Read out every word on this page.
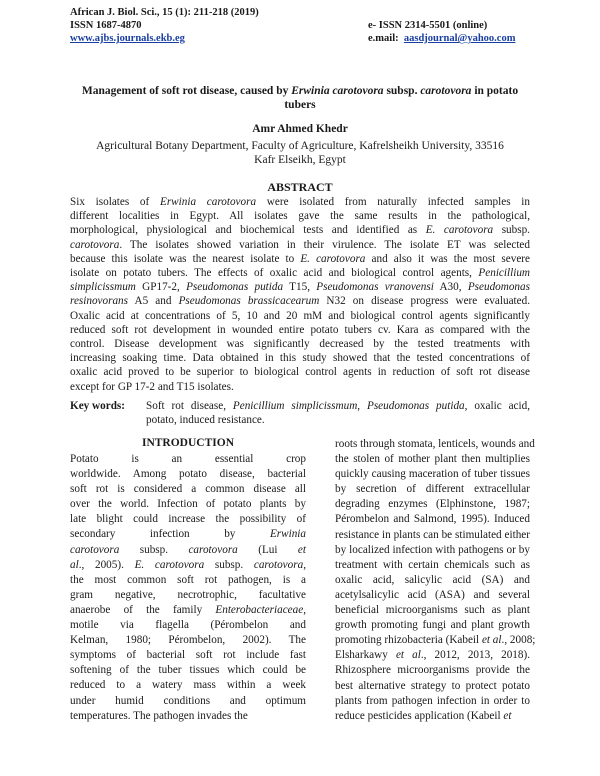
African J. Biol. Sci., 15 (1): 211-218 (2019)
ISSN 1687-4870	e- ISSN 2314-5501 (online)
www.ajbs.journals.ekb.eg	e.mail: aasdjournal@yahoo.com
Management of soft rot disease, caused by Erwinia carotovora subsp. carotovora in potato tubers
Amr Ahmed Khedr
Agricultural Botany Department, Faculty of Agriculture, Kafrelsheikh University, 33516 Kafr Elseikh, Egypt
ABSTRACT

Six isolates of Erwinia carotovora were isolated from naturally infected samples in

different localities in Egypt. All isolates gave the same results in the pathological,

morphological, physiological and biochemical tests and identified as E. carotovora subsp.

carotovora. The isolates showed variation in their virulence. The isolate ET was selected

because this isolate was the nearest isolate to E. carotovora and also it was the most severe

isolate on potato tubers. The effects of oxalic acid and biological control agents, Penicillium

simplicissmum GP17-2, Pseudomonas putida T15, Pseudomonas vranovensi A30, Pseudomonas

resinovorans A5 and Pseudomonas brassicacearum N32 on disease progress were evaluated.

Oxalic acid at concentrations of 5, 10 and 20 mM and biological control agents significantly

reduced soft rot development in wounded entire potato tubers cv. Kara as compared with the

control. Disease development was significantly decreased by the tested treatments with

increasing soaking time. Data obtained in this study showed that the tested concentrations of

oxalic acid proved to be superior to biological control agents in reduction of soft rot disease

except for GP 17-2 and T15 isolates.

Key words: Soft rot disease, Penicillium simplicissmum, Pseudomonas putida, oxalic acid,

potato, induced resistance.

INTRODUCTION

Potato is an essential crop

worldwide. Among potato disease, bacterial

soft rot is considered a common disease all

over the world. Infection of potato plants by

late blight could increase the possibility of

secondary infection by Erwinia

carotovora subsp. carotovora (Lui et

al., 2005). E. carotovora subsp. carotovora,

the most common soft rot pathogen, is a

gram negative, necrotrophic, facultative

anaerobe of the family Enterobacteriaceae,

motile via flagella (Pérombelon and

Kelman, 1980; Pérombelon, 2002). The

symptoms of bacterial soft rot include fast

softening of the tuber tissues which could be

reduced to a watery mass within a week

under humid conditions and optimum

temperatures. The pathogen invades the

roots through stomata, lenticels, wounds and

the stolen of mother plant then multiplies

quickly causing maceration of tuber tissues

by secretion of different extracellular

degrading enzymes (Elphinstone, 1987;

Pérombelon and Salmond, 1995). Induced

resistance in plants can be stimulated either

by localized infection with pathogens or by

treatment with certain chemicals such as

oxalic acid, salicylic acid (SA) and

acetylsalicylic acid (ASA) and several

beneficial microorganisms such as plant

growth promoting fungi and plant growth

promoting rhizobacteria (Kabeil et al., 2008;

Elsharkawy et al., 2012, 2013, 2018).

Rhizosphere microorganisms provide the

best alternative strategy to protect potato

plants from pathogen infection in order to

reduce pesticides application (Kabeil et
